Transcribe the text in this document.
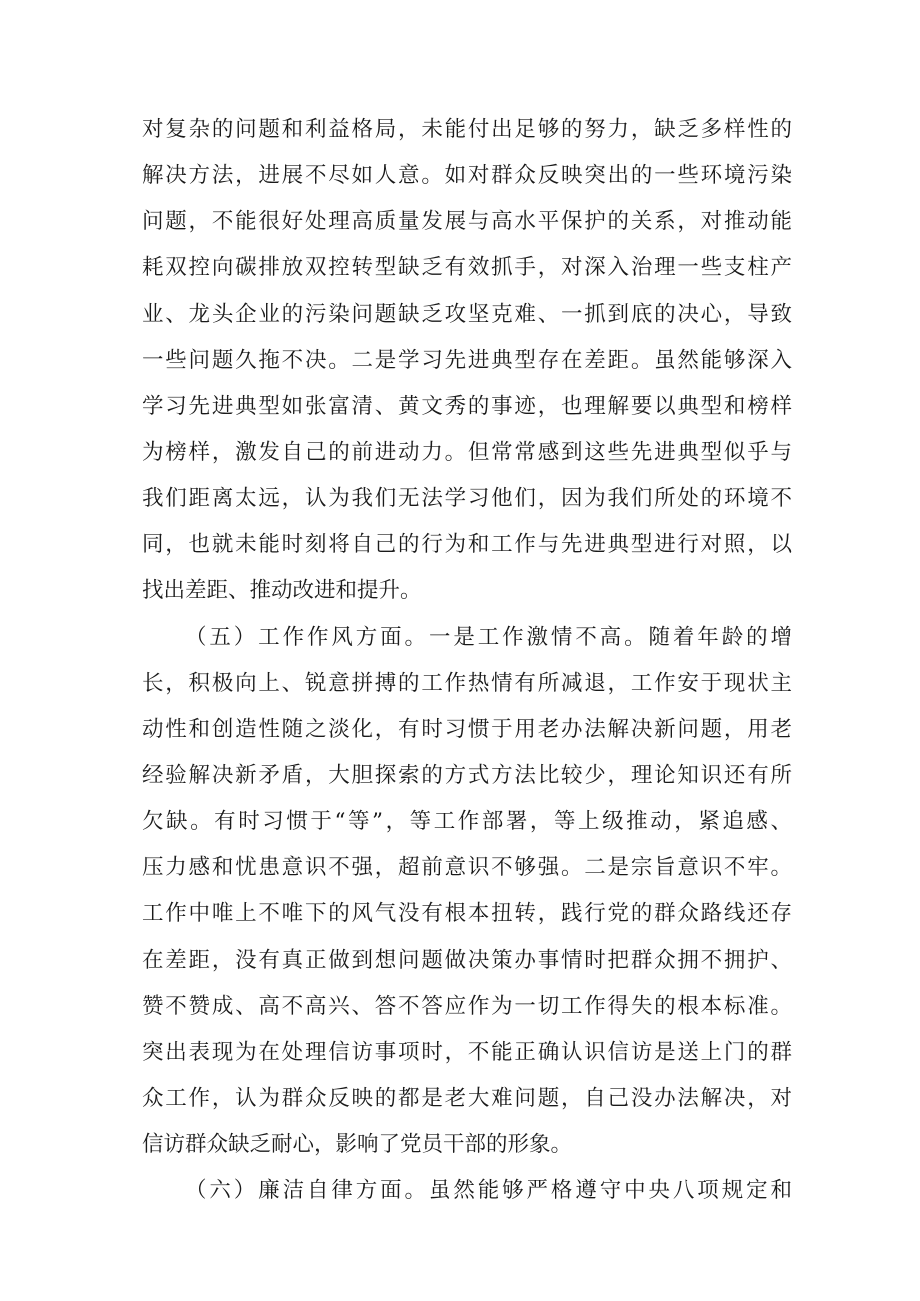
对复杂的问题和利益格局，未能付出足够的努力，缺乏多样性的
解决方法，进展不尽如人意。如对群众反映突出的一些环境污染
问题，不能很好处理高质量发展与高水平保护的关系，对推动能
耗双控向碳排放双控转型缺乏有效抓手，对深入治理一些支柱产
业、龙头企业的污染问题缺乏攻坚克难、一抓到底的决心，导致
一些问题久拖不决。二是学习先进典型存在差距。虽然能够深入
学习先进典型如张富清、黄文秀的事迹，也理解要以典型和榜样
为榜样，激发自己的前进动力。但常常感到这些先进典型似乎与
我们距离太远，认为我们无法学习他们，因为我们所处的环境不
同，也就未能时刻将自己的行为和工作与先进典型进行对照，以
找出差距、推动改进和提升。
（五）工作作风方面。一是工作激情不高。随着年龄的增
长，积极向上、锐意拼搏的工作热情有所减退，工作安于现状主
动性和创造性随之淡化，有时习惯于用老办法解决新问题，用老
经验解决新矛盾，大胆探索的方式方法比较少，理论知识还有所
欠缺。有时习惯于“等”，等工作部署，等上级推动，紧追感、
压力感和忧患意识不强，超前意识不够强。二是宗旨意识不牢。
工作中唯上不唯下的风气没有根本扭转，践行党的群众路线还存
在差距，没有真正做到想问题做决策办事情时把群众拥不拥护、
赞不赞成、高不高兴、答不答应作为一切工作得失的根本标准。
突出表现为在处理信访事项时，不能正确认识信访是送上门的群
众工作，认为群众反映的都是老大难问题，自己没办法解决，对
信访群众缺乏耐心，影响了党员干部的形象。
（六）廉洁自律方面。虽然能够严格遵守中央八项规定和
